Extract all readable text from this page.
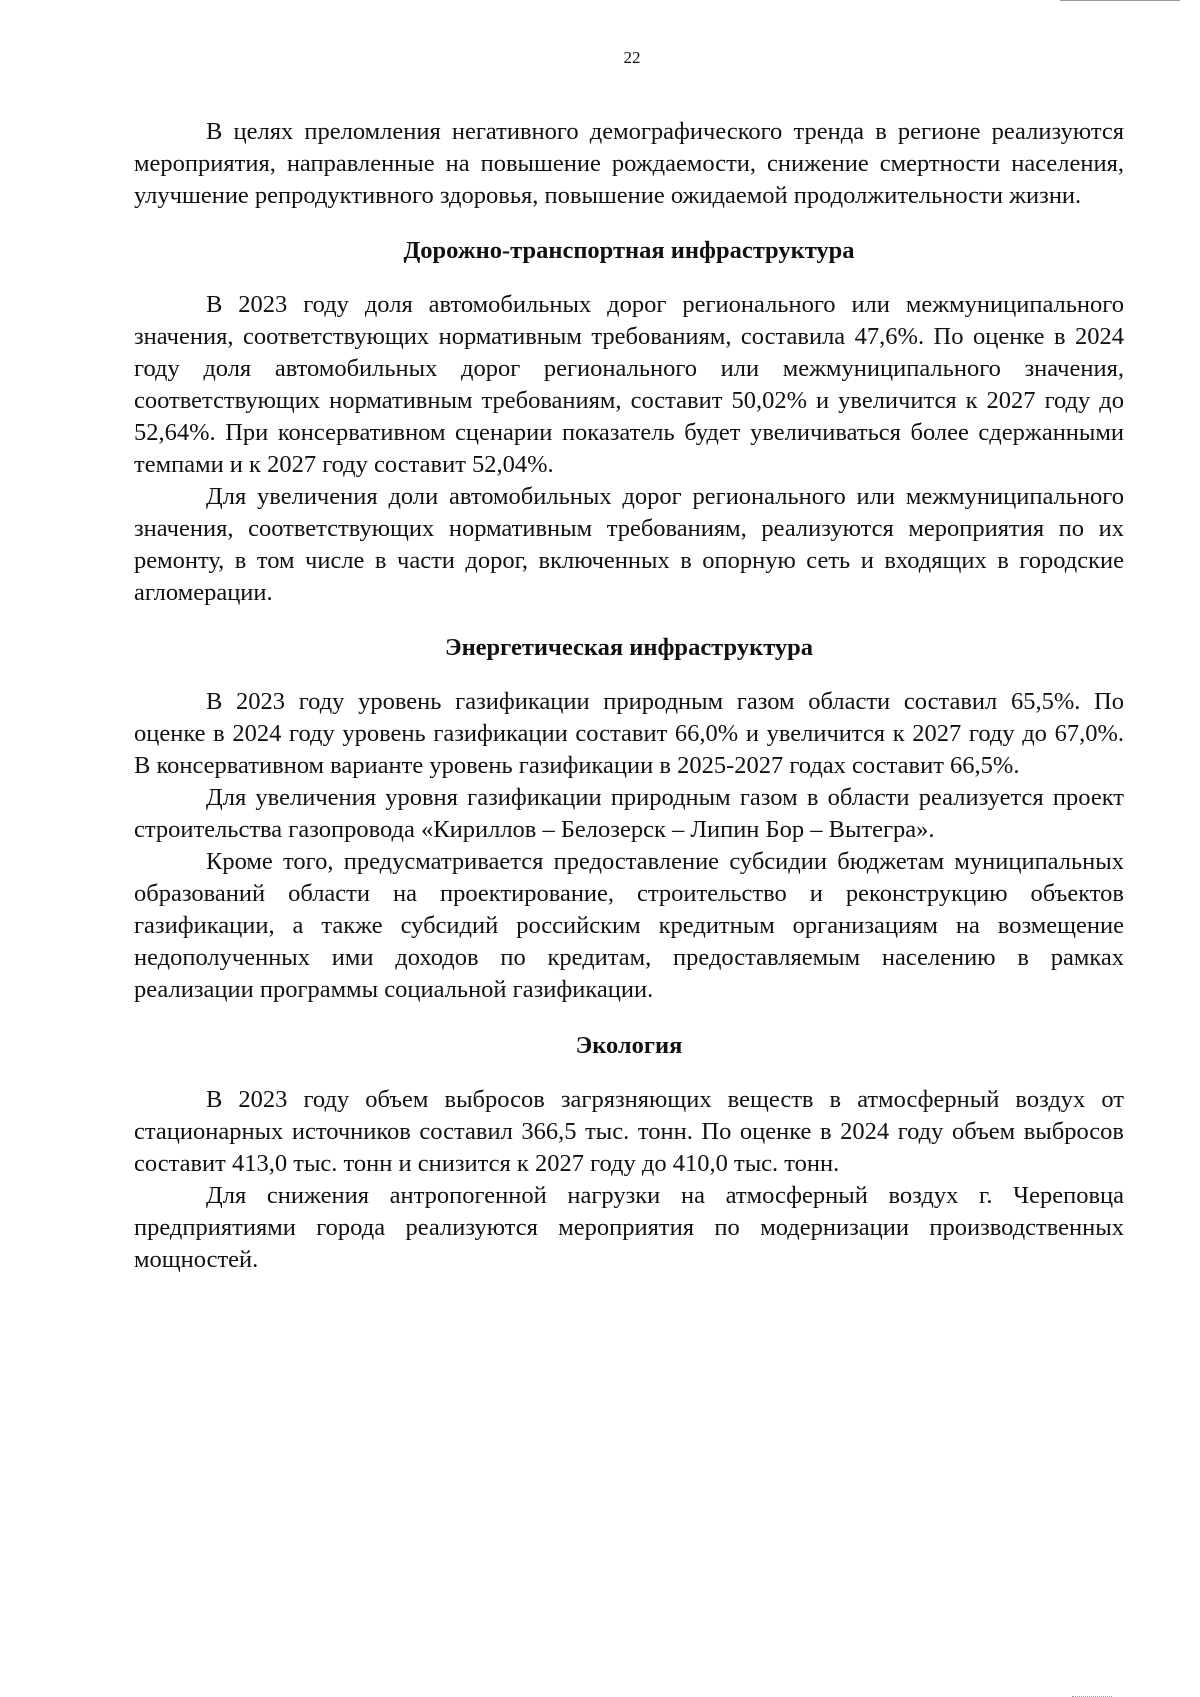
22

В целях преломления негативного демографического тренда в регионе реализуются мероприятия, направленные на повышение рождаемости, снижение смертности населения, улучшение репродуктивного здоровья, повышение ожидаемой продолжительности жизни.

Дорожно-транспортная инфраструктура

В 2023 году доля автомобильных дорог регионального или межмуниципального значения, соответствующих нормативным требованиям, составила 47,6%. По оценке в 2024 году доля автомобильных дорог регионального или межмуниципального значения, соответствующих нормативным требованиям, составит 50,02% и увеличится к 2027 году до 52,64%. При консервативном сценарии показатель будет увеличиваться более сдержанными темпами и к 2027 году составит 52,04%.

Для увеличения доли автомобильных дорог регионального или межмуниципального значения, соответствующих нормативным требованиям, реализуются мероприятия по их ремонту, в том числе в части дорог, включенных в опорную сеть и входящих в городские агломерации.

Энергетическая инфраструктура

В 2023 году уровень газификации природным газом области составил 65,5%. По оценке в 2024 году уровень газификации составит 66,0% и увеличится к 2027 году до 67,0%. В консервативном варианте уровень газификации в 2025-2027 годах составит 66,5%.

Для увеличения уровня газификации природным газом в области реализуется проект строительства газопровода «Кириллов – Белозерск – Липин Бор – Вытегра».

Кроме того, предусматривается предоставление субсидии бюджетам муниципальных образований области на проектирование, строительство и реконструкцию объектов газификации, а также субсидий российским кредитным организациям на возмещение недополученных ими доходов по кредитам, предоставляемым населению в рамках реализации программы социальной газификации.

Экология

В 2023 году объем выбросов загрязняющих веществ в атмосферный воздух от стационарных источников составил 366,5 тыс. тонн. По оценке в 2024 году объем выбросов составит 413,0 тыс. тонн и снизится к 2027 году до 410,0 тыс. тонн.

Для снижения антропогенной нагрузки на атмосферный воздух г. Череповца предприятиями города реализуются мероприятия по модернизации производственных мощностей.
